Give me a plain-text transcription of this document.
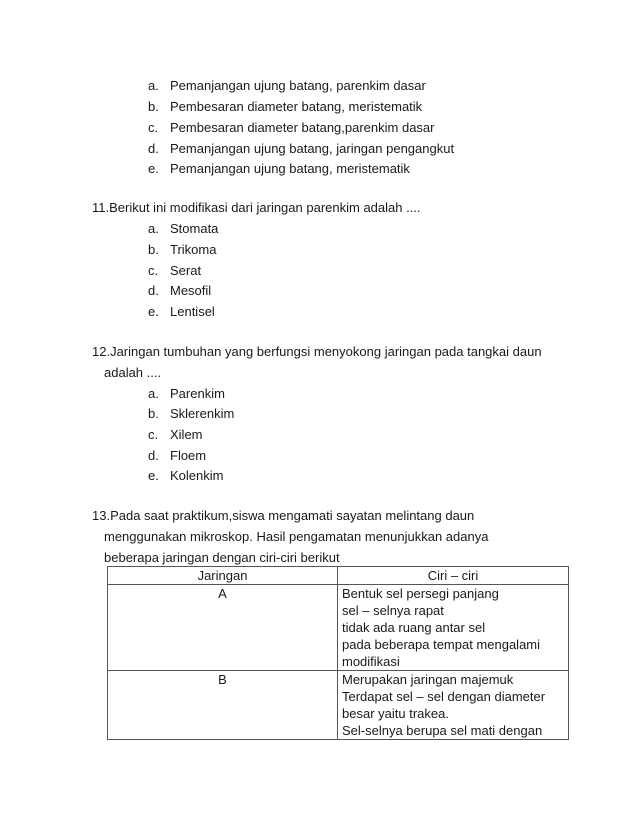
a. Pemanjangan ujung batang, parenkim dasar
b. Pembesaran diameter batang, meristematik
c. Pembesaran diameter batang,parenkim dasar
d. Pemanjangan ujung batang, jaringan pengangkut
e. Pemanjangan ujung batang, meristematik
11.Berikut ini modifikasi dari jaringan parenkim adalah ....
a. Stomata
b. Trikoma
c. Serat
d. Mesofil
e. Lentisel
12.Jaringan tumbuhan yang berfungsi menyokong jaringan pada tangkai daun
adalah ....
a. Parenkim
b. Sklerenkim
c. Xilem
d. Floem
e. Kolenkim
13.Pada saat praktikum,siswa mengamati sayatan melintang daun
menggunakan mikroskop. Hasil pengamatan menunjukkan adanya
beberapa jaringan dengan ciri-ciri berikut
Jaringan	Ciri – ciri
A	Bentuk sel persegi panjang
sel – selnya rapat
tidak ada ruang antar sel
pada beberapa tempat mengalami
modifikasi

B	Merupakan jaringan majemuk
Terdapat sel – sel dengan diameter
besar yaitu trakea.
Sel-selnya berupa sel mati dengan
